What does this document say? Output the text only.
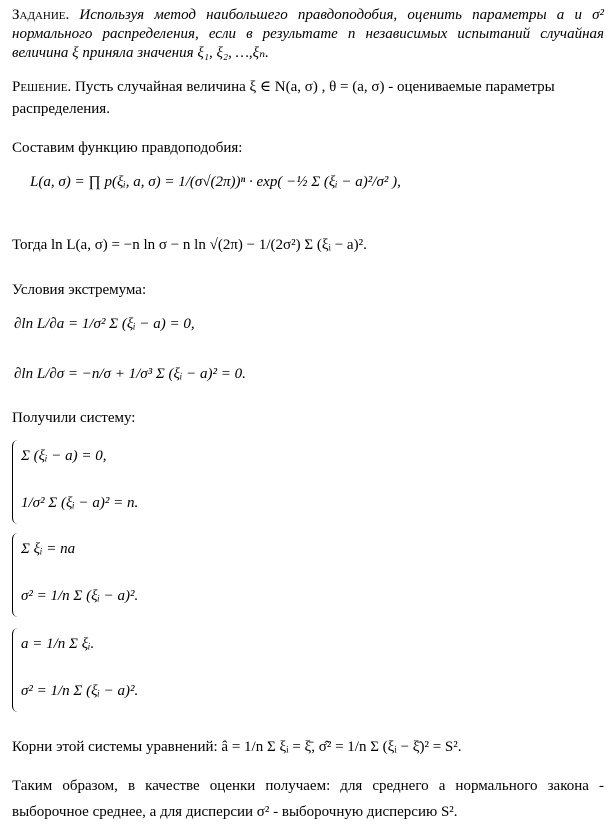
Задание. Используя метод наибольшего правдоподобия, оценить параметры a и σ² нормального распределения, если в результате n независимых испытаний случайная величина ξ приняла значения ξ₁, ξ₂, …,ξₙ.
Решение. Пусть случайная величина ξ ∈ N(a, σ) , θ = (a, σ) - оцениваемые параметры распределения.
Составим функцию правдоподобия:
L(a, σ) = ∏ p(ξᵢ, a, σ) = 1/(σ√(2π))ⁿ · exp( −½ Σ (ξᵢ − a)²/σ² ),
Тогда ln L(a, σ) = −n ln σ − n ln √(2π) − 1/(2σ²) Σ (ξᵢ − a)².
Условия экстремума:
∂ln L/∂a = 1/σ² Σ (ξᵢ − a) = 0,
∂ln L/∂σ = −n/σ + 1/σ³ Σ (ξᵢ − a)² = 0.
Получили систему:
Σ (ξᵢ − a) = 0,
1/σ² Σ (ξᵢ − a)² = n.
Σ ξᵢ = na
σ² = 1/n Σ (ξᵢ − a)².
a = 1/n Σ ξᵢ.
σ² = 1/n Σ (ξᵢ − a)².
Корни этой системы уравнений: â = 1/n Σ ξᵢ = ξ̄, σ̂² = 1/n Σ (ξᵢ − ξ̄)² = S².
Таким образом, в качестве оценки получаем: для среднего a нормального закона - выборочное среднее, а для дисперсии σ² - выборочную дисперсию S².
